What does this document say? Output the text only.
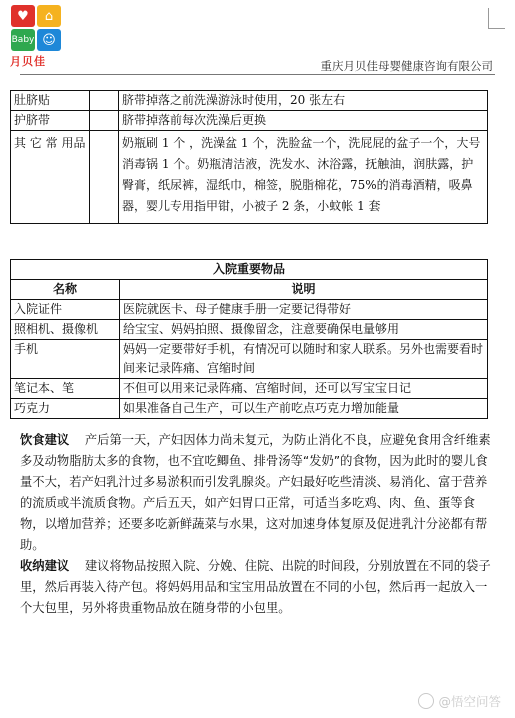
♥	⌂
Baby ☺
月贝佳	重庆月贝佳母婴健康咨询有限公司
肚脐贴		脐带掉落之前洗澡游泳时使用，20 张左右
护脐带		脐带掉落前每次洗澡后更换
其 它 常 用品		奶瓶刷 1 个 ，洗澡盆 1 个，洗脸盆一个，洗屁屁的盆子一个，大号消毒锅 1 个。奶瓶清洁液，洗发水、沐浴露，抚触油，润肤露，护臀膏，纸尿裤，湿纸巾，棉签，脱脂棉花，75%的消毒酒精，吸鼻器，婴儿专用指甲钳，小被子 2 条，小蚊帐 1 套
入院重要物品	
名称	说明
入院证件	医院就医卡、母子健康手册一定要记得带好
照相机、摄像机	给宝宝、妈妈拍照、摄像留念，注意要确保电量够用
手机	妈妈一定要带好手机，有情况可以随时和家人联系。另外也需要看时间来记录阵痛、宫缩时间
笔记本、笔	不但可以用来记录阵痛、宫缩时间，还可以写宝宝日记
巧克力	如果准备自己生产，可以生产前吃点巧克力增加能量
饮食建议 产后第一天，产妇因体力尚未复元，为防止消化不良，应避免食用含纤维素多及动物脂肪太多的食物，也不宜吃鲫鱼、排骨汤等“发奶”的食物，因为此时的婴儿食量不大，若产妇乳汁过多易淤积而引发乳腺炎。产妇最好吃些清淡、易消化、富于营养的流质或半流质食物。产后五天，如产妇胃口正常，可适当多吃鸡、肉、鱼、蛋等食物，以增加营养；还要多吃新鲜蔬菜与水果，这对加速身体复原及促进乳汁分泌都有帮助。
收纳建议 建议将物品按照入院、分娩、住院、出院的时间段，分别放置在不同的袋子里，然后再装入待产包。将妈妈用品和宝宝用品放置在不同的小包，然后再一起放入一个大包里，另外将贵重物品放在随身带的小包里。
@悟空问答
